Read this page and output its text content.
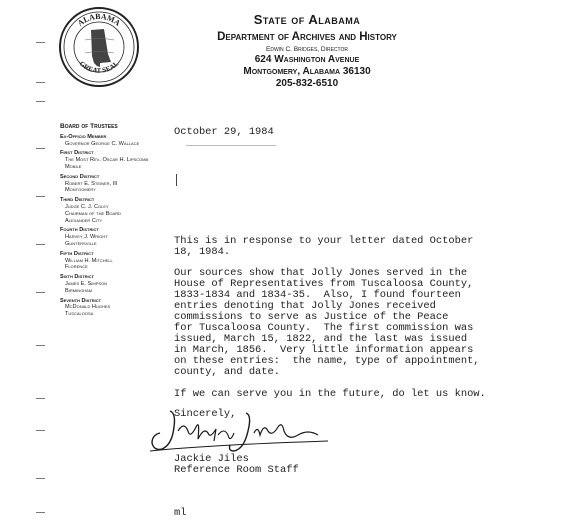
ALABAMA
GREAT SEAL
State of Alabama
Department of Archives and History
Edwin C. Bridges, Director
624 Washington Avenue
Montgomery, Alabama 36130
205-832-6510
Board of Trustees
Ex-Officio Member
Governor George C. Wallace
First District
The Most Rev. Oscar H. Lipscomb
Mobile
Second District
Robert E. Steiner, III
Montgomery
Third District
Judge C. J. Coley
Chairman of the Board
Alexander City
Fourth District
Harvey J. Wright
Guntersville
Fifth District
William H. Mitchell
Florence
Sixth District
James E. Simpson
Birmingham
Seventh District
McDonald Hughes
Tuscaloosa
October 29, 1984
This is in response to your letter dated October
18, 1984.
Our sources show that Jolly Jones served in the
House of Representatives from Tuscaloosa County,
1833-1834 and 1834-35.  Also, I found fourteen
entries denoting that Jolly Jones received
commissions to serve as Justice of the Peace
for Tuscaloosa County.  The first commission was
issued, March 15, 1822, and the last was issued
in March, 1856.  Very little information appears
on these entries:  the name, type of appointment,
county, and date.
If we can serve you in the future, do let us know.
Sincerely,
Jackie Jiles
Reference Room Staff
ml
